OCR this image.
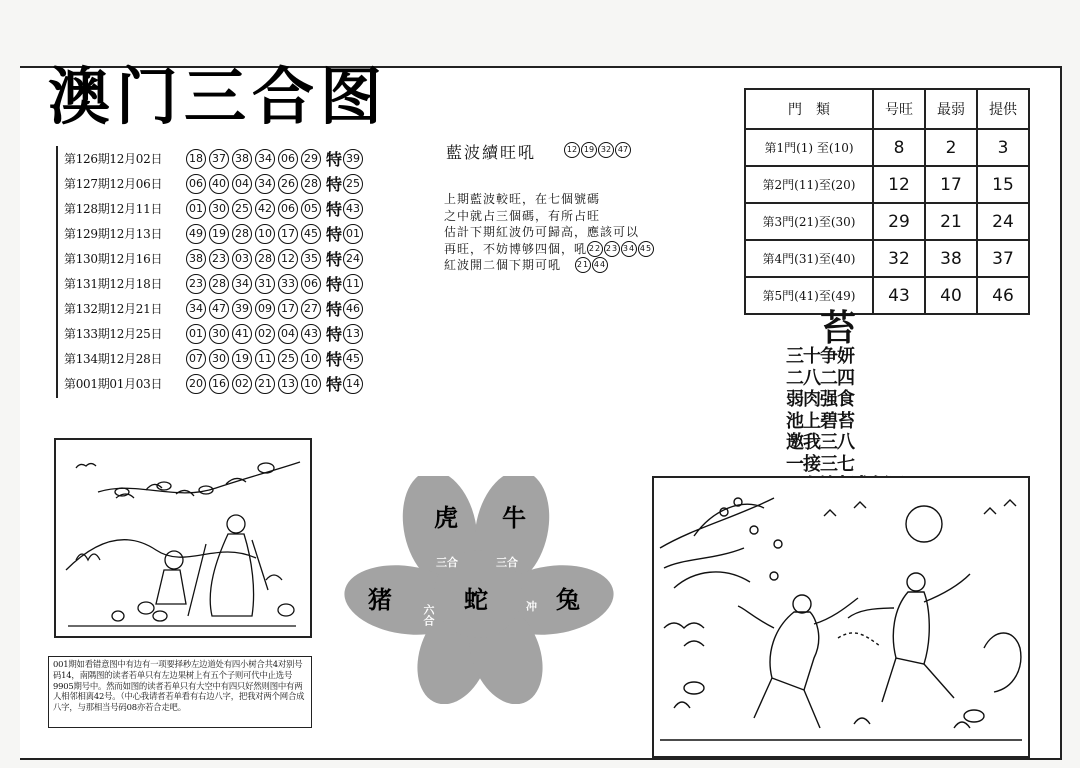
澳门三合图
第126期12月02日	18 37 38 34 06 29 特 39
第127期12月06日	06 40 04 34 26 28 特 25
第128期12月11日	01 30 25 42 06 05 特 43
第129期12月13日	49 19 28 10 17 45 特 01
第130期12月16日	38 23 03 28 12 35 特 24
第131期12月18日	23 28 34 31 33 06 特 11
第132期12月21日	34 47 39 09 17 27 特 46
第133期12月25日	01 30 41 02 04 43 特 13
第134期12月28日	07 30 19 11 25 10 特 45
第001期01月03日	20 16 02 21 13 10 特 14
藍波續旺吼	12 19 32 47
上期藍波較旺，在七個號碼
之中就占三個碼，有所占旺
估計下期紅波仍可歸高，應該可以
再旺，不妨博够四個，吼 22 23 34 45
紅波開二個下期可吼 21 44
門　類	号旺	最弱	提供
第1門(1) 至(10)	8	2	3
第2門(11)至(20)	12	17	15
第3門(21)至(30)	29	21	24
第4門(31)至(40)	32	38	37
第5門(41)至(49)	43	40	46
苔
三十争妍
二八二四
弱肉强食
池上碧苔
邀我三八
一接三七
虎 牛
猪	蛇	兔
三合	三合
六合	冲
001期如看错意图中有边有一项要择秒左边道处有四小树合共4对别号码14，南隅图的读者若单只有左边果树上有五个子则可代中止选号9905期号中。然而如图的读者若单只有大空中有四只好然则图中有两人相邻相离42号。（中心我请者若单看有右边八字，把我对两个网合成八字，与那相当号码08亦若合走吧。
